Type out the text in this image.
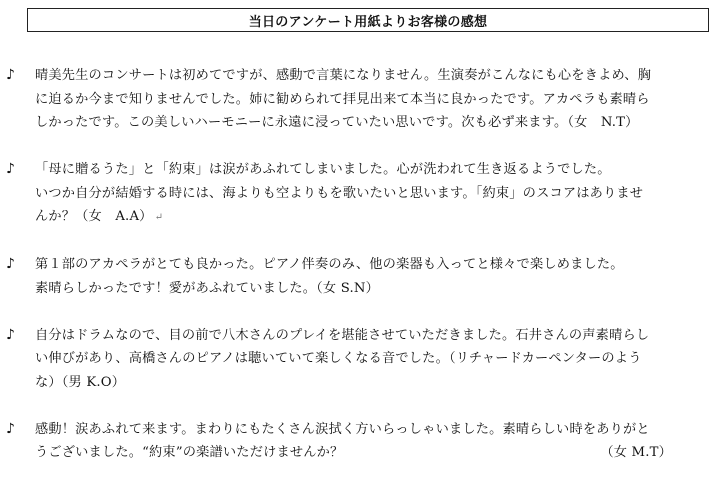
当日のアンケート用紙よりお客様の感想
♪ 晴美先生のコンサートは初めてですが、感動で言葉になりません。生演奏がこんなにも心をきよめ、胸
に迫るか今まで知りませんでした。姉に勧められて拝見出来て本当に良かったです。アカペラも素晴ら
しかったです。この美しいハーモニーに永遠に浸っていたい思いです。次も必ず来ます。（女　N.T）
♪ 「母に贈るうた」と「約束」は涙があふれてしまいました。心が洗われて生き返るようでした。
いつか自分が結婚する時には、海よりも空よりもを歌いたいと思います。「約束」のスコアはありませ
んか？（女　A.A） ↵
♪ 第１部のアカペラがとても良かった。ピアノ伴奏のみ、他の楽器も入ってと様々で楽しめました。
素晴らしかったです！愛があふれていました。（女 S.N）
♪ 自分はドラムなので、目の前で八木さんのプレイを堪能させていただきました。石井さんの声素晴らし
い伸びがあり、高橋さんのピアノは聴いていて楽しくなる音でした。（リチャードカーペンターのよう
な）（男 K.O）
♪ 感動！涙あふれて来ます。まわりにもたくさん涙拭く方いらっしゃいました。素晴らしい時をありがと
うございました。“約束”の楽譜いただけませんか？	（女 M.T）
